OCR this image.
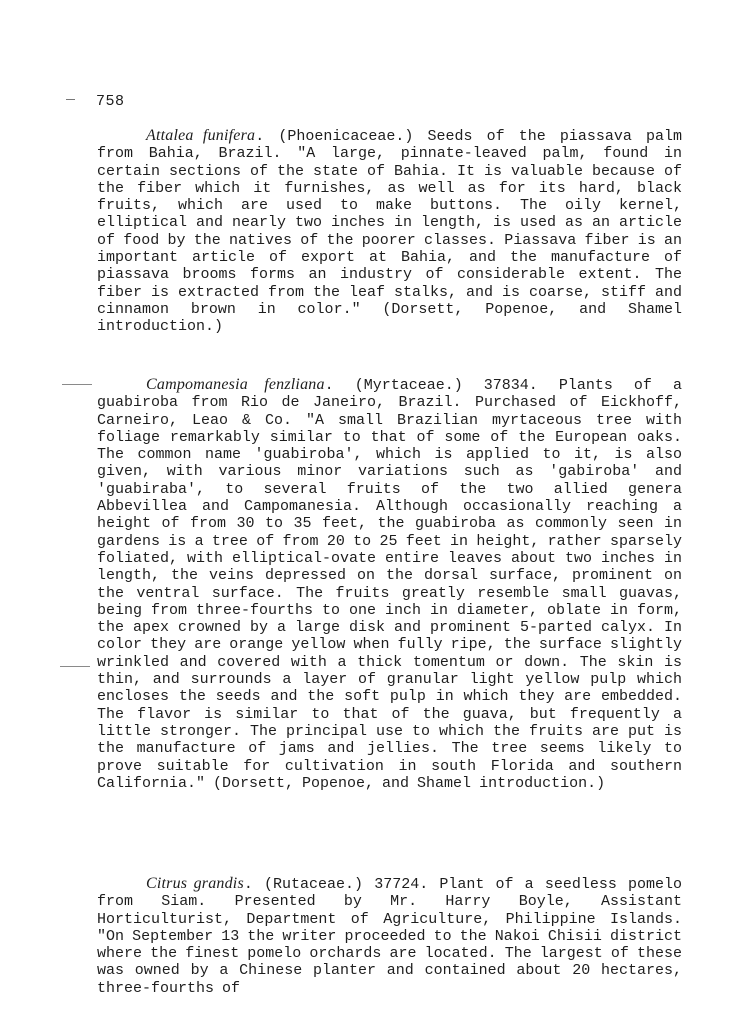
758

Attalea funifera. (Phoenicaceae.) Seeds of the piassava palm from Bahia, Brazil. "A large, pinnate-leaved palm, found in certain sections of the state of Bahia. It is valuable because of the fiber which it furnishes, as well as for its hard, black fruits, which are used to make buttons. The oily kernel, elliptical and nearly two inches in length, is used as an article of food by the natives of the poorer classes. Piassava fiber is an important article of export at Bahia, and the manufacture of piassava brooms forms an industry of considerable extent. The fiber is extracted from the leaf stalks, and is coarse, stiff and cinnamon brown in color." (Dorsett, Popenoe, and Shamel introduction.)

Campomanesia fenzliana. (Myrtaceae.) 37834. Plants of a guabiroba from Rio de Janeiro, Brazil. Purchased of Eickhoff, Carneiro, Leao & Co. "A small Brazilian myrtaceous tree with foliage remarkably similar to that of some of the European oaks. The common name 'guabiroba', which is applied to it, is also given, with various minor variations such as 'gabiroba' and 'guabiraba', to several fruits of the two allied genera Abbevillea and Campomanesia. Although occasionally reaching a height of from 30 to 35 feet, the guabiroba as commonly seen in gardens is a tree of from 20 to 25 feet in height, rather sparsely foliated, with elliptical-ovate entire leaves about two inches in length, the veins depressed on the dorsal surface, prominent on the ventral surface. The fruits greatly resemble small guavas, being from three-fourths to one inch in diameter, oblate in form, the apex crowned by a large disk and prominent 5-parted calyx. In color they are orange yellow when fully ripe, the surface slightly wrinkled and covered with a thick tomentum or down. The skin is thin, and surrounds a layer of granular light yellow pulp which encloses the seeds and the soft pulp in which they are embedded. The flavor is similar to that of the guava, but frequently a little stronger. The principal use to which the fruits are put is the manufacture of jams and jellies. The tree seems likely to prove suitable for cultivation in south Florida and southern California." (Dorsett, Popenoe, and Shamel introduction.)

Citrus grandis. (Rutaceae.) 37724. Plant of a seedless pomelo from Siam. Presented by Mr. Harry Boyle, Assistant Horticulturist, Department of Agriculture, Philippine Islands. "On September 13 the writer proceeded to the Nakoi Chisii district where the finest pomelo orchards are located. The largest of these was owned by a Chinese planter and contained about 20 hectares, three-fourths of
